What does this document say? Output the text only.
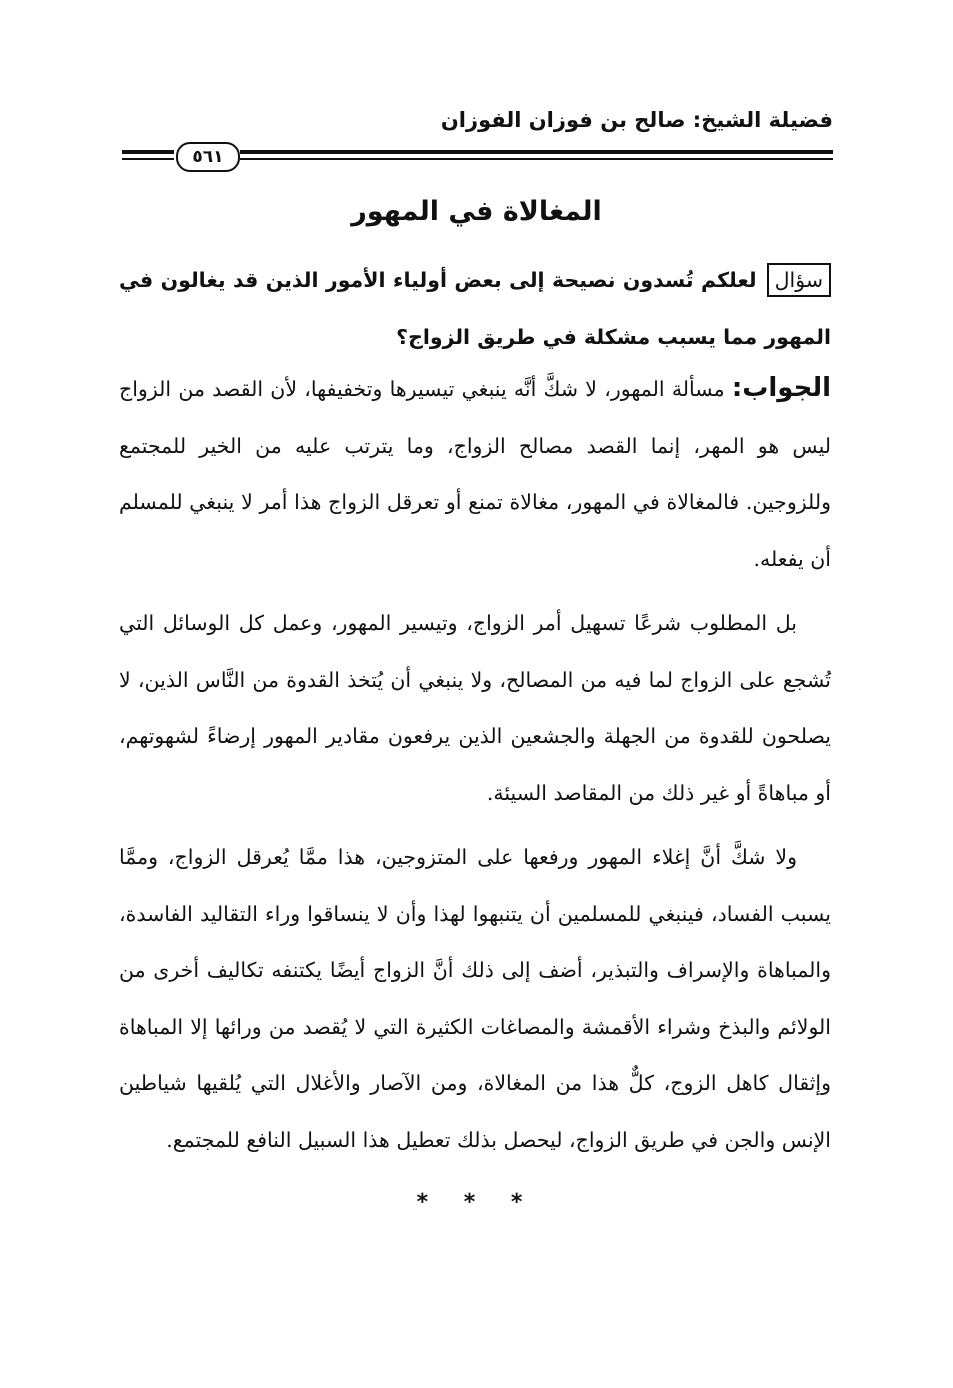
فضيلة الشيخ: صالح بن فوزان الفوزان
٥٦١
المغالاة في المهور
سؤاللعلكم تُسدون نصيحة إلى بعض أولياء الأمور الذين قد يغالون في المهور مما يسبب مشكلة في طريق الزواج؟

الجواب: مسألة المهور، لا شكَّ أنَّه ينبغي تيسيرها وتخفيفها، لأن القصد من الزواج ليس هو المهر، إنما القصد مصالح الزواج، وما يترتب عليه من الخير للمجتمع وللزوجين. فالمغالاة في المهور، مغالاة تمنع أو تعرقل الزواج هذا أمر لا ينبغي للمسلم أن يفعله.

بل المطلوب شرعًا تسهيل أمر الزواج، وتيسير المهور، وعمل كل الوسائل التي تُشجع على الزواج لما فيه من المصالح، ولا ينبغي أن يُتخذ القدوة من النَّاس الذين، لا يصلحون للقدوة من الجهلة والجشعين الذين يرفعون مقادير المهور إرضاءً لشهوتهم، أو مباهاةً أو غير ذلك من المقاصد السيئة.

ولا شكَّ أنَّ إغلاء المهور ورفعها على المتزوجين، هذا ممَّا يُعرقل الزواج، وممَّا يسبب الفساد، فينبغي للمسلمين أن يتنبهوا لهذا وأن لا ينساقوا وراء التقاليد الفاسدة، والمباهاة والإسراف والتبذير، أضف إلى ذلك أنَّ الزواج أيضًا يكتنفه تكاليف أخرى من الولائم والبذخ وشراء الأقمشة والمصاغات الكثيرة التي لا يُقصد من ورائها إلا المباهاة وإثقال كاهل الزوج، كلٌّ هذا من المغالاة، ومن الآصار والأغلال التي يُلقيها شياطين الإنس والجن في طريق الزواج، ليحصل بذلك تعطيل هذا السبيل النافع للمجتمع.

* * *
